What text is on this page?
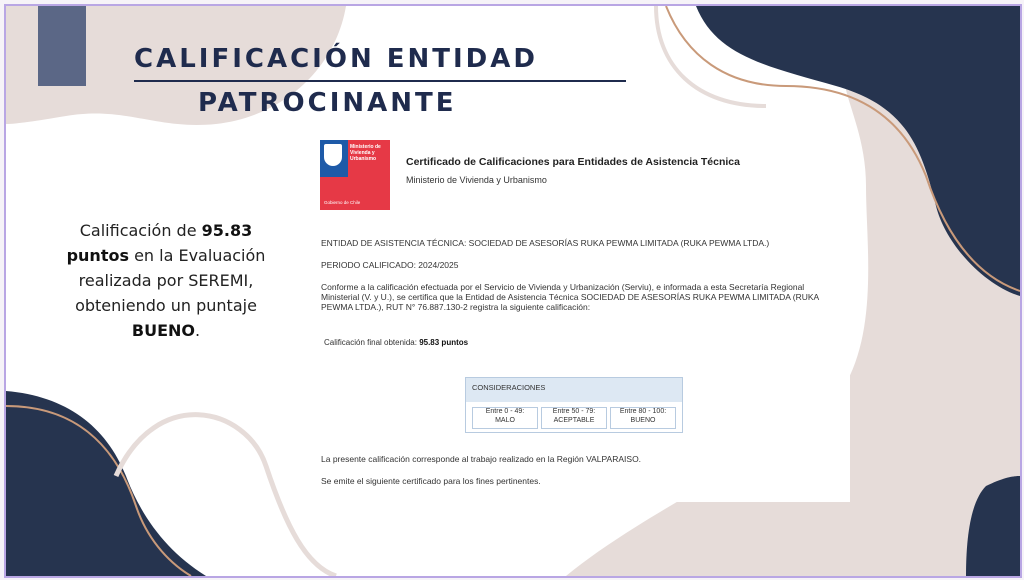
CALIFICACIÓN ENTIDAD
PATROCINANTE
Calificación de 95.83
puntos en la Evaluación realizada por SEREMI, obteniendo un puntaje BUENO.
Ministerio de
Vivienda y
Urbanismo
Gobierno de Chile
Certificado de Calificaciones para Entidades de Asistencia Técnica
Ministerio de Vivienda y Urbanismo
ENTIDAD DE ASISTENCIA TÉCNICA: SOCIEDAD DE ASESORÍAS RUKA PEWMA LIMITADA (RUKA PEWMA LTDA.)
PERIODO CALIFICADO: 2024/2025
Conforme a la calificación efectuada por el Servicio de Vivienda y Urbanización (Serviu), e informada a esta Secretaría Regional Ministerial (V. y U.), se certifica que la Entidad de Asistencia Técnica SOCIEDAD DE ASESORÍAS RUKA PEWMA LIMITADA (RUKA PEWMA LTDA.), RUT N° 76.887.130-2 registra la siguiente calificación:
Calificación final obtenida: 95.83 puntos
CONSIDERACIONES
Entre 0 - 49:
MALO
Entre 50 - 79:
ACEPTABLE
Entre 80 - 100:
BUENO
La presente calificación corresponde al trabajo realizado en la Región VALPARAISO.
Se emite el siguiente certificado para los fines pertinentes.
